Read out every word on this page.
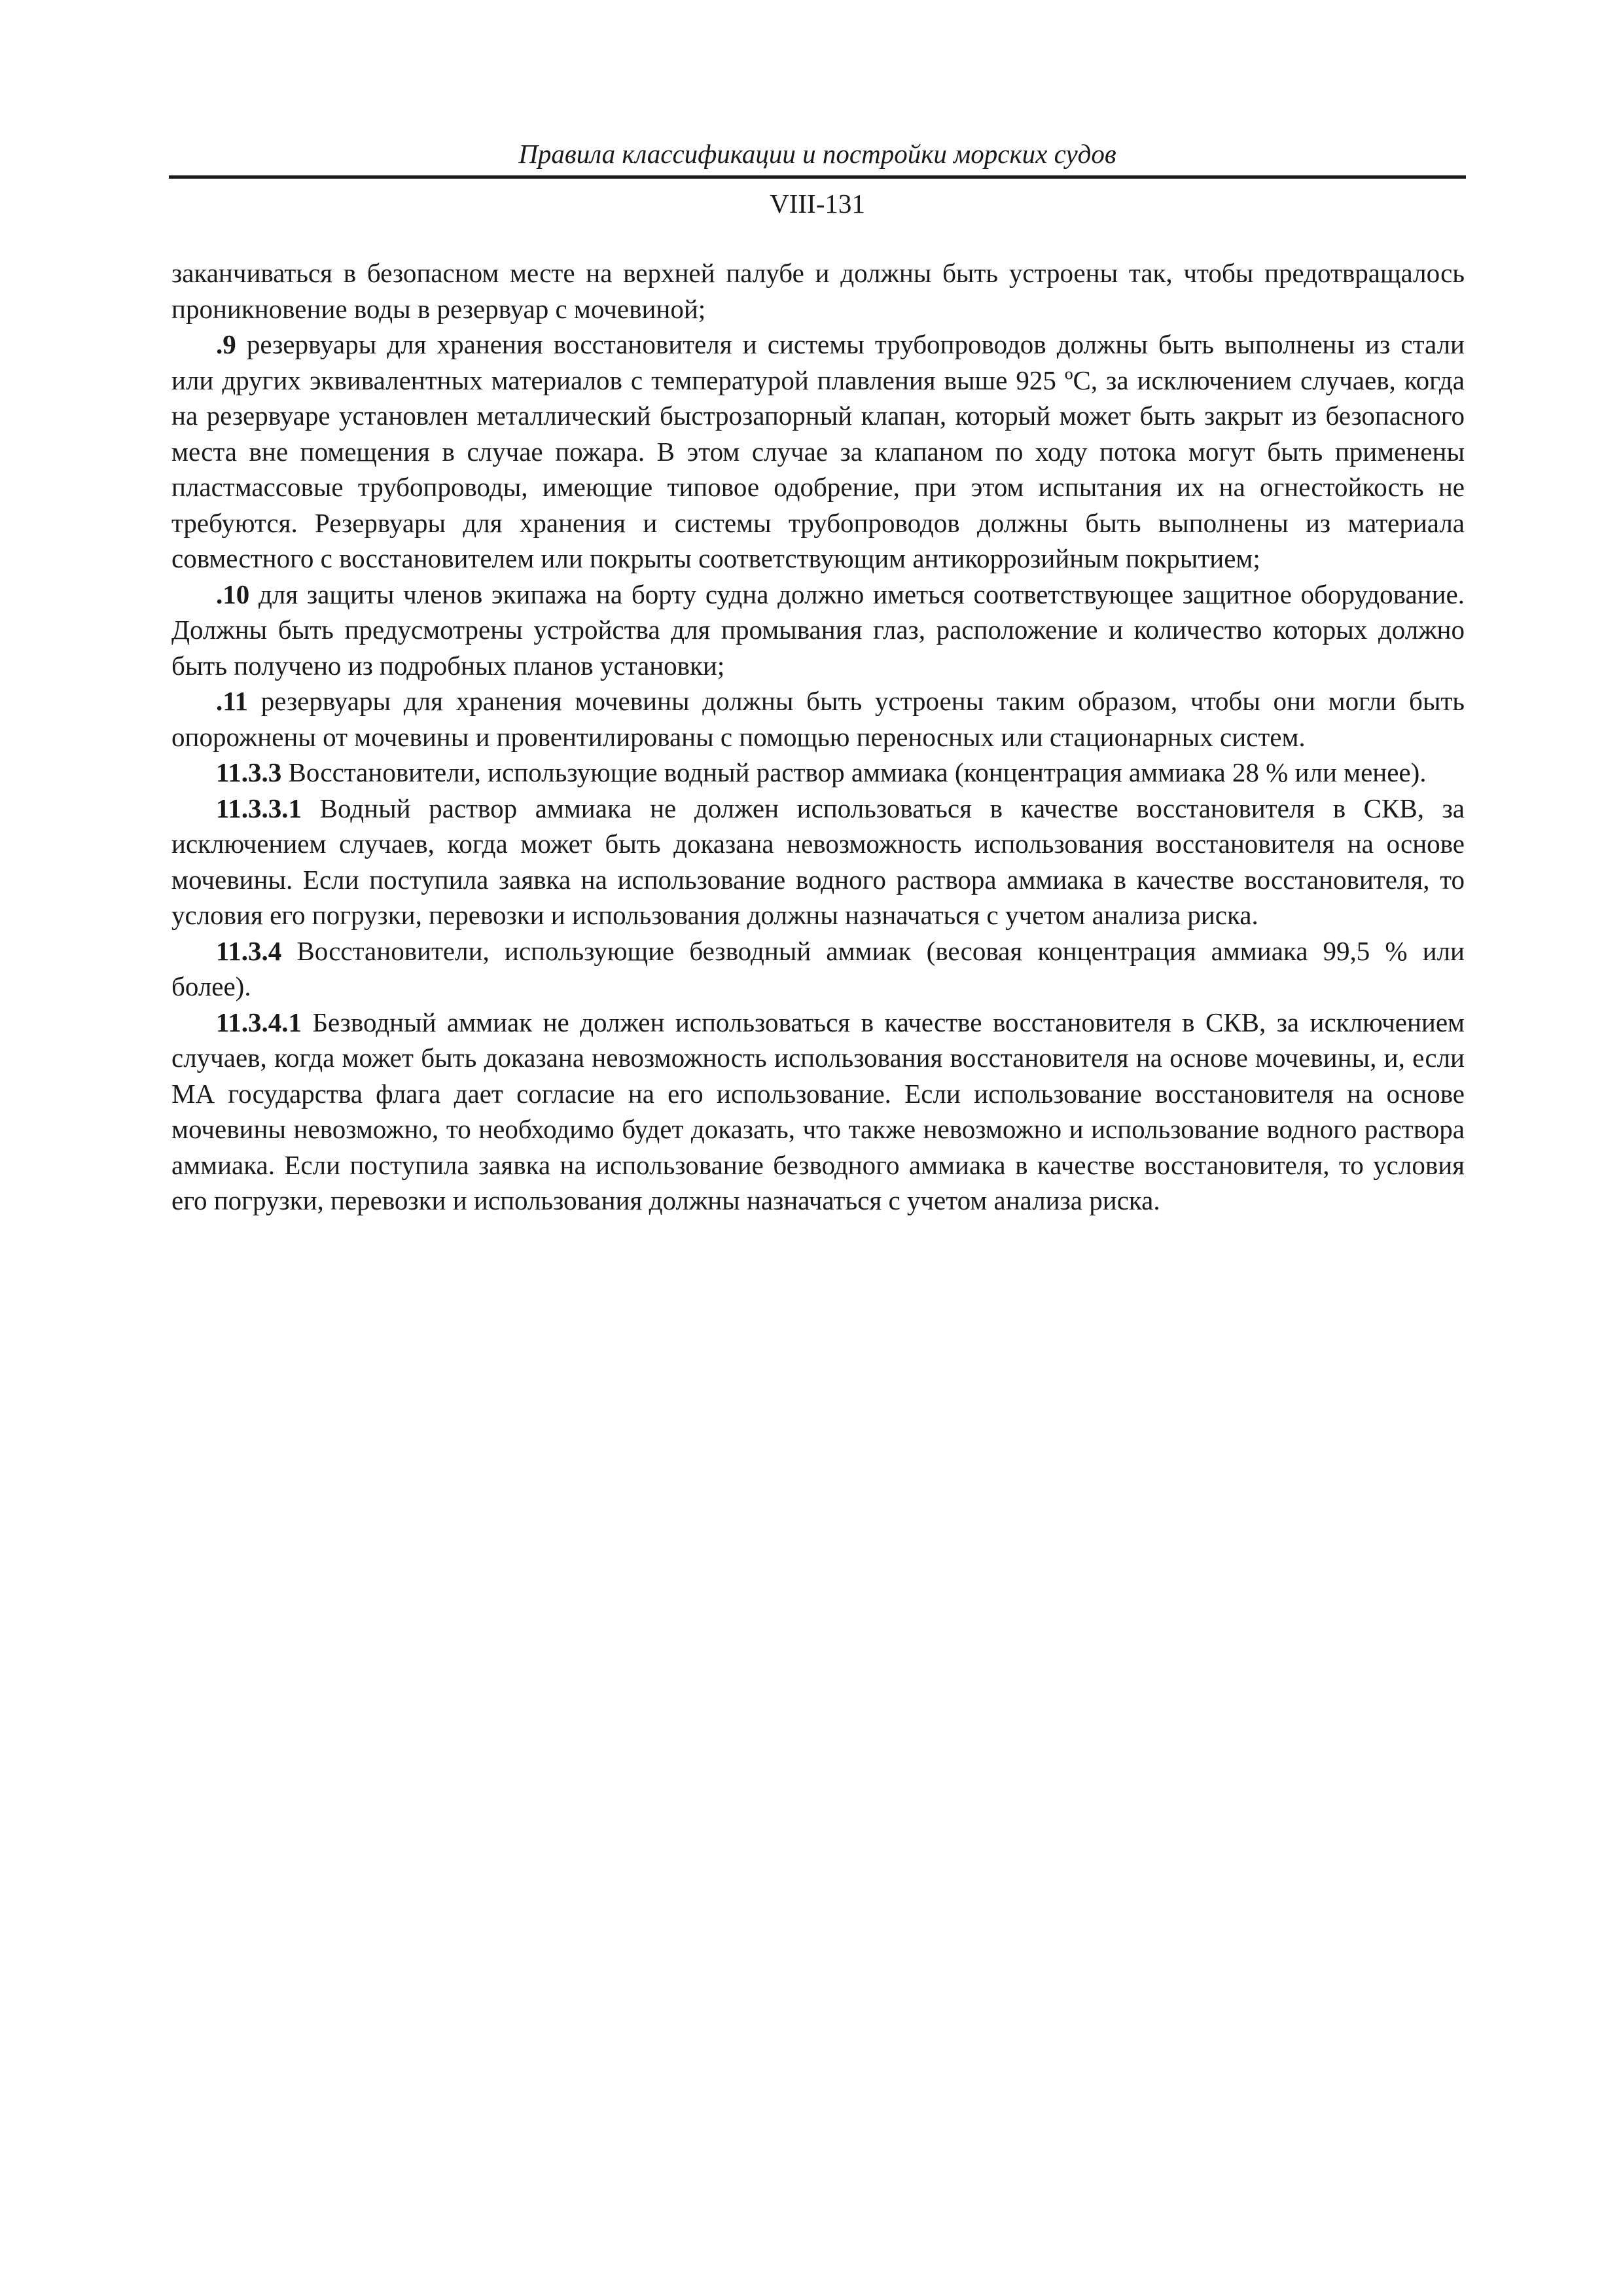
Правила классификации и постройки морских судов
VIII-131

заканчиваться в безопасном месте на верхней палубе и должны быть устроены так, чтобы предотвращалось проникновение воды в резервуар с мочевиной;

.9 резервуары для хранения восстановителя и системы трубопроводов должны быть выполнены из стали или других эквивалентных материалов с температурой плавления выше 925 ºС, за исключением случаев, когда на резервуаре установлен металлический быстрозапорный клапан, который может быть закрыт из безопасного места вне помещения в случае пожара. В этом случае за клапаном по ходу потока могут быть применены пластмассовые трубопроводы, имеющие типовое одобрение, при этом испытания их на огнестойкость не требуются. Резервуары для хранения и системы трубопроводов должны быть выполнены из материала совместного с восстановителем или покрыты соответствующим антикоррозийным покрытием;

.10 для защиты членов экипажа на борту судна должно иметься соответствующее защитное оборудование. Должны быть предусмотрены устройства для промывания глаз, расположение и количество которых должно быть получено из подробных планов установки;

.11 резервуары для хранения мочевины должны быть устроены таким образом, чтобы они могли быть опорожнены от мочевины и провентилированы с помощью переносных или стационарных систем.

11.3.3 Восстановители, использующие водный раствор аммиака (концентрация аммиака 28 % или менее).

11.3.3.1 Водный раствор аммиака не должен использоваться в качестве восстановителя в СКВ, за исключением случаев, когда может быть доказана невозможность использования восстановителя на основе мочевины. Если поступила заявка на использование водного раствора аммиака в качестве восстановителя, то условия его погрузки, перевозки и использования должны назначаться с учетом анализа риска.

11.3.4 Восстановители, использующие безводный аммиак (весовая концентрация аммиака 99,5 % или более).

11.3.4.1 Безводный аммиак не должен использоваться в качестве восстановителя в СКВ, за исключением случаев, когда может быть доказана невозможность использования восстановителя на основе мочевины, и, если МА государства флага дает согласие на его использование. Если использование восстановителя на основе мочевины невозможно, то необходимо будет доказать, что также невозможно и использование водного раствора аммиака. Если поступила заявка на использование безводного аммиака в качестве восстановителя, то условия его погрузки, перевозки и использования должны назначаться с учетом анализа риска.
